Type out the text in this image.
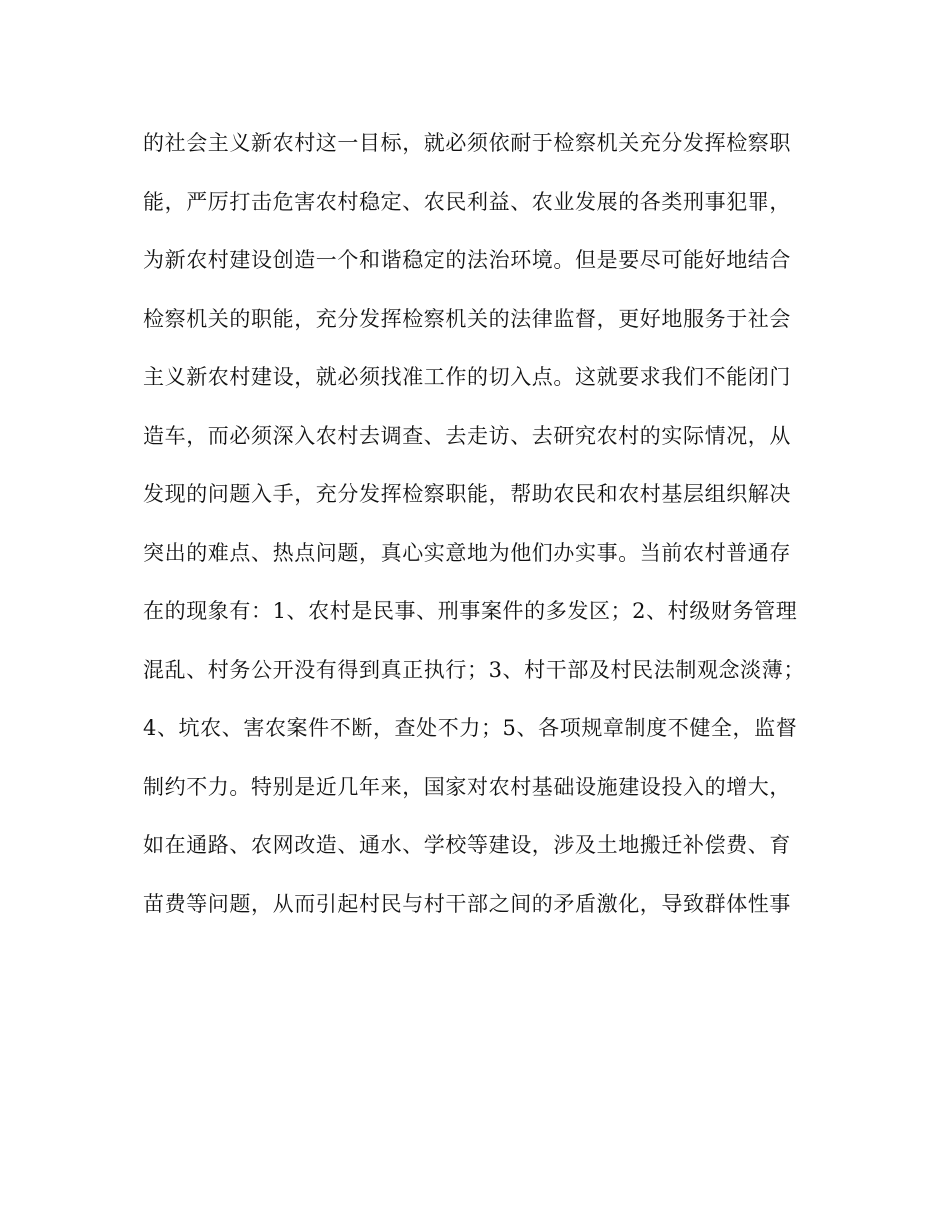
的社会主义新农村这一目标，就必须依耐于检察机关充分发挥检察职
能，严厉打击危害农村稳定、农民利益、农业发展的各类刑事犯罪，
为新农村建设创造一个和谐稳定的法治环境。但是要尽可能好地结合
检察机关的职能，充分发挥检察机关的法律监督，更好地服务于社会
主义新农村建设，就必须找准工作的切入点。这就要求我们不能闭门
造车，而必须深入农村去调查、去走访、去研究农村的实际情况，从
发现的问题入手，充分发挥检察职能，帮助农民和农村基层组织解决
突出的难点、热点问题，真心实意地为他们办实事。当前农村普通存
在的现象有：1、农村是民事、刑事案件的多发区；2、村级财务管理
混乱、村务公开没有得到真正执行；3、村干部及村民法制观念淡薄；
4、坑农、害农案件不断，查处不力；5、各项规章制度不健全，监督
制约不力。特别是近几年来，国家对农村基础设施建设投入的增大，
如在通路、农网改造、通水、学校等建设，涉及土地搬迁补偿费、育
苗费等问题，从而引起村民与村干部之间的矛盾激化，导致群体性事
